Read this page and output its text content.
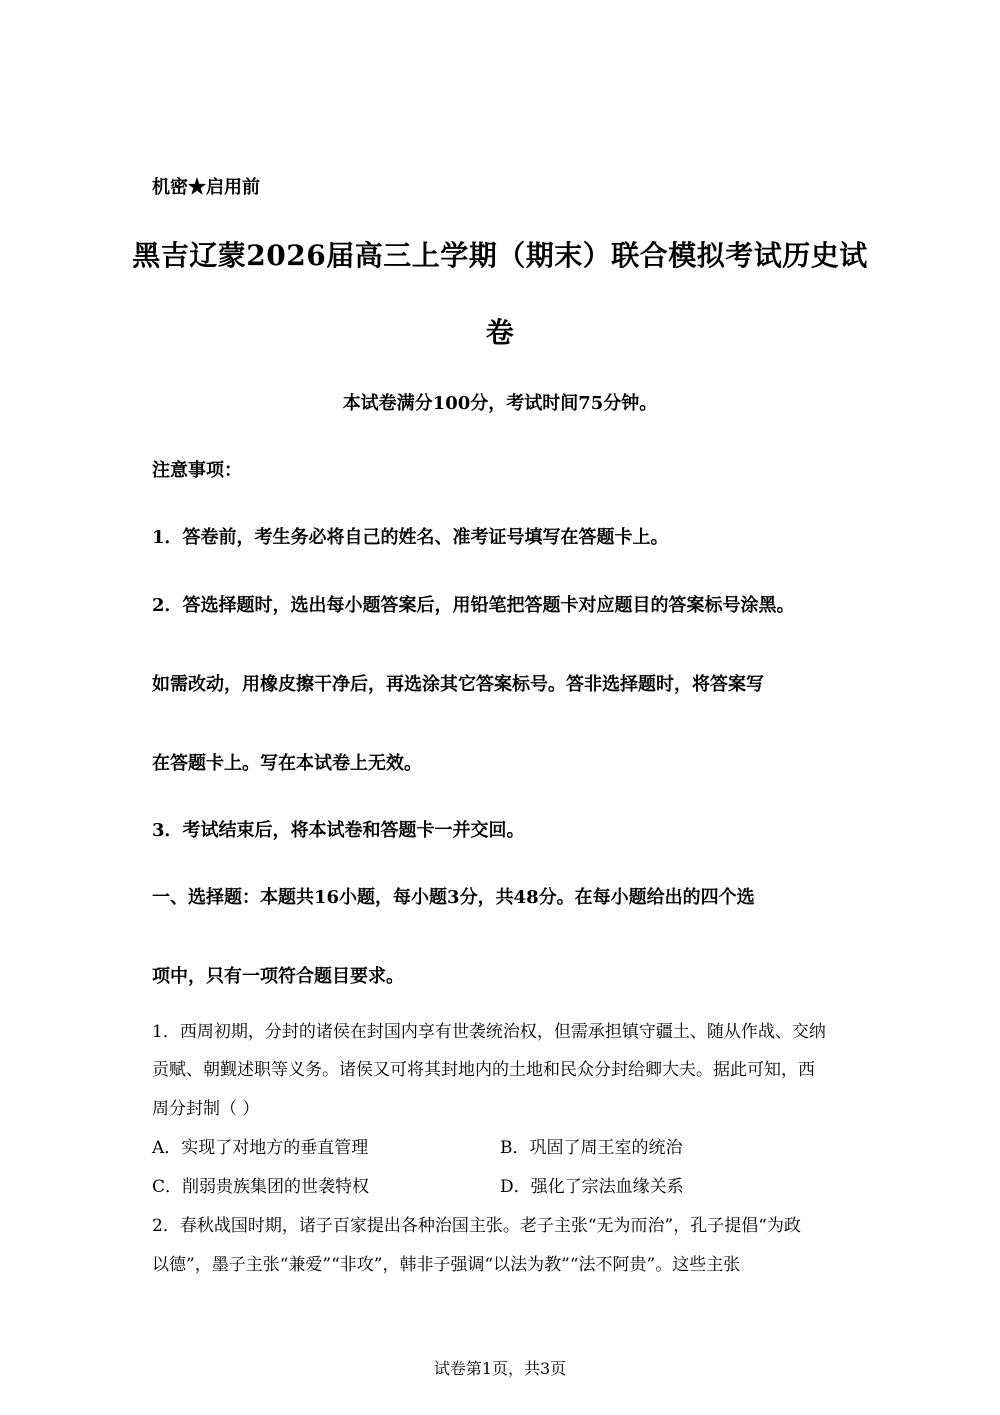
机密★启用前
黑吉辽蒙2026届高三上学期（期末）联合模拟考试历史试
卷
本试卷满分100分，考试时间75分钟。
注意事项：
1．答卷前，考生务必将自己的姓名、准考证号填写在答题卡上。
2．答选择题时，选出每小题答案后，用铅笔把答题卡对应题目的答案标号涂黑。
如需改动，用橡皮擦干净后，再选涂其它答案标号。答非选择题时，将答案写
在答题卡上。写在本试卷上无效。
3．考试结束后，将本试卷和答题卡一并交回。
一、选择题：本题共16小题，每小题3分，共48分。在每小题给出的四个选
项中，只有一项符合题目要求。
1．西周初期，分封的诸侯在封国内享有世袭统治权，但需承担镇守疆土、随从作战、交纳
贡赋、朝觐述职等义务。诸侯又可将其封地内的土地和民众分封给卿大夫。据此可知，西
周分封制（ ）
A．实现了对地方的垂直管理	B．巩固了周王室的统治
C．削弱贵族集团的世袭特权	D．强化了宗法血缘关系
2．春秋战国时期，诸子百家提出各种治国主张。老子主张“无为而治”，孔子提倡“为政
以德”，墨子主张“兼爱”“非攻”，韩非子强调“以法为教”“法不阿贵”。这些主张
试卷第1页，共3页
